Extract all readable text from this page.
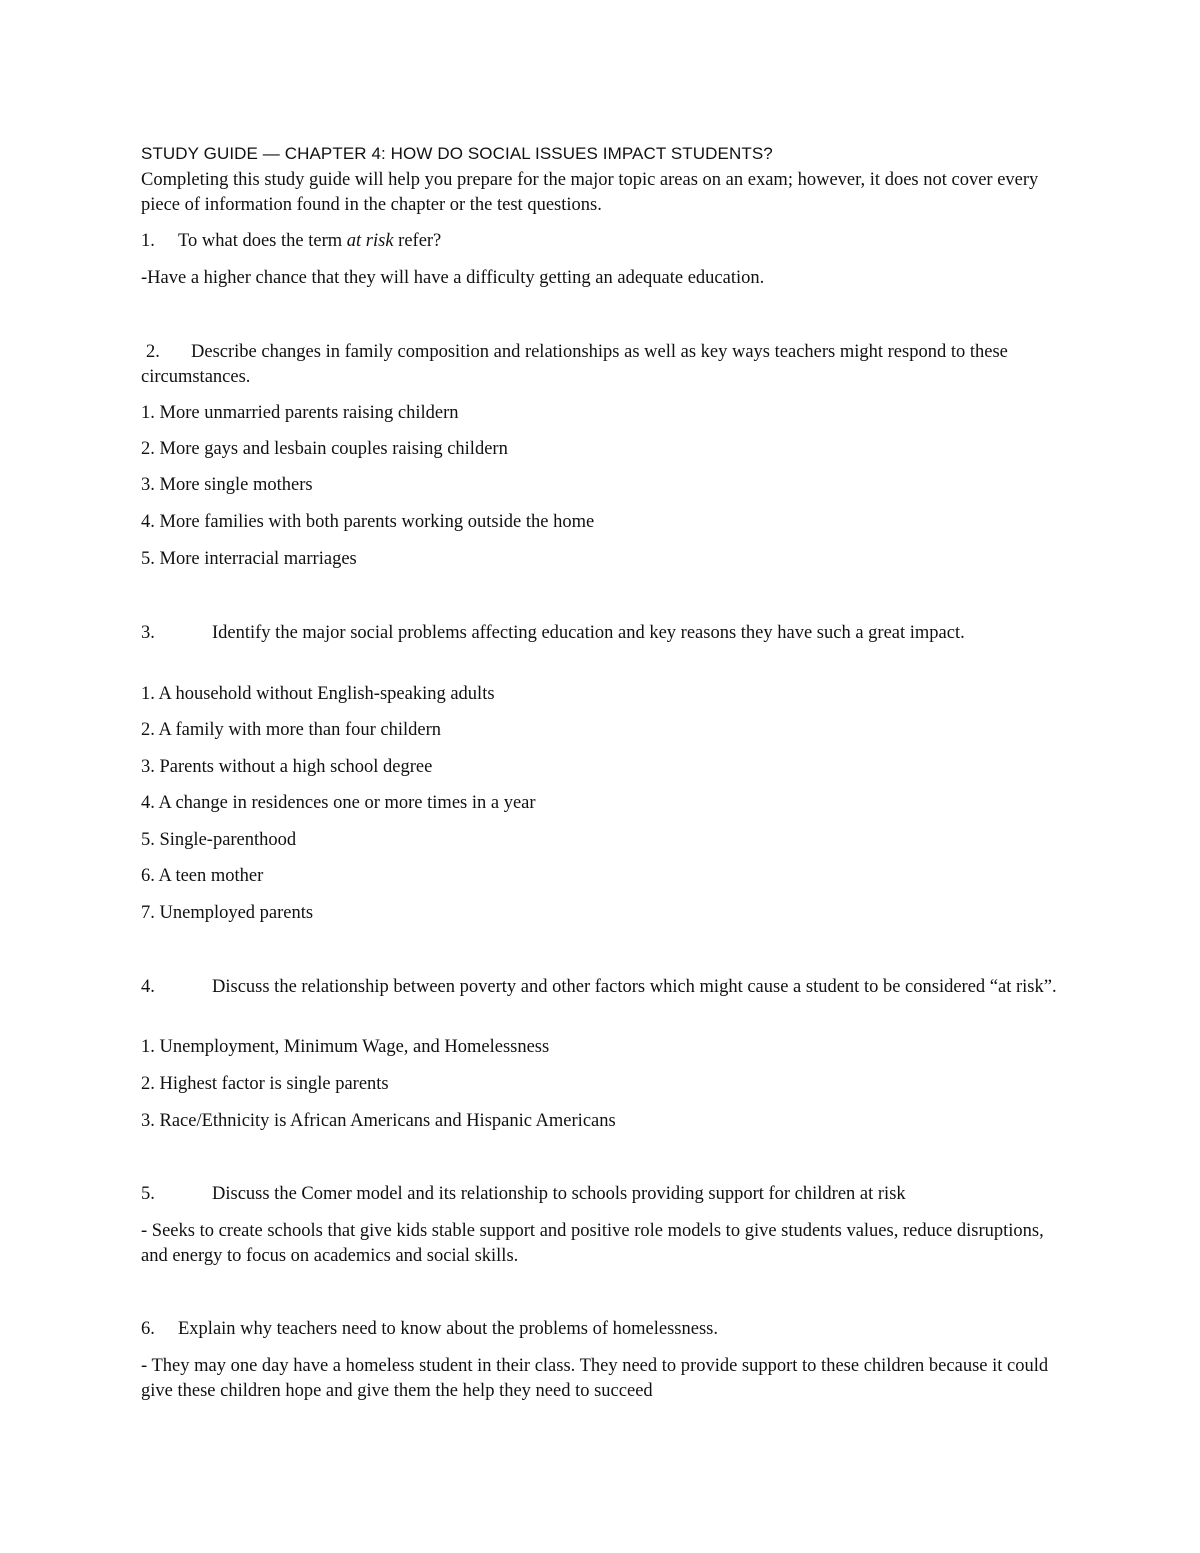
STUDY GUIDE — CHAPTER 4: HOW DO SOCIAL ISSUES IMPACT STUDENTS?
Completing this study guide will help you prepare for the major topic areas on an exam; however, it does not cover every piece of information found in the chapter or the test questions.
1. To what does the term at risk refer?
-Have a higher chance that they will have a difficulty getting an adequate education.
2. Describe changes in family composition and relationships as well as key ways teachers might respond to these circumstances.
1. More unmarried parents raising childern
2. More gays and lesbain couples raising childern
3. More single mothers
4. More families with both parents working outside the home
5. More interracial marriages
3.	Identify the major social problems affecting education and key reasons they have such a great impact.
1. A household without English-speaking adults
2. A family with more than four childern
3. Parents without a high school degree
4. A change in residences one or more times in a year
5. Single-parenthood
6. A teen mother
7. Unemployed parents
4.	Discuss the relationship between poverty and other factors which might cause a student to be considered “at risk”.
1. Unemployment, Minimum Wage, and Homelessness
2. Highest factor is single parents
3. Race/Ethnicity is African Americans and Hispanic Americans
5.	Discuss the Comer model and its relationship to schools providing support for children at risk
- Seeks to create schools that give kids stable support and positive role models to give students values, reduce disruptions, and energy to focus on academics and social skills.
6. Explain why teachers need to know about the problems of homelessness.
- They may one day have a homeless student in their class. They need to provide support to these children because it could give these children hope and give them the help they need to succeed
